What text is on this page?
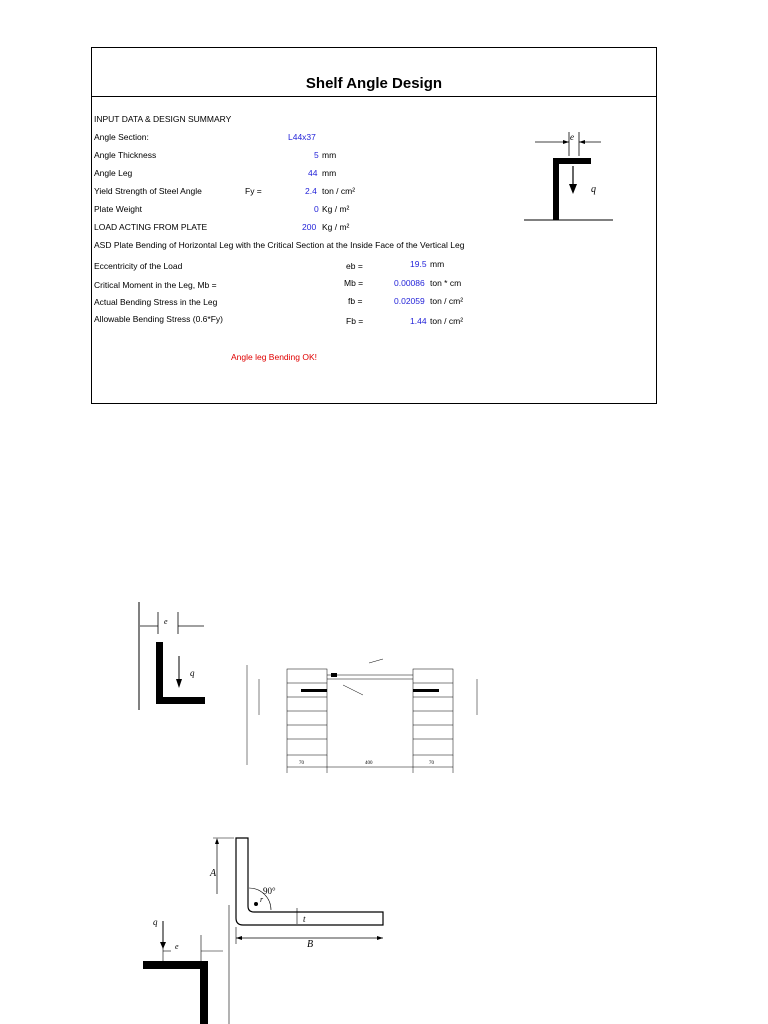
Shelf Angle Design
INPUT DATA & DESIGN SUMMARY
Angle Section:	L44x37
Angle Thickness	5 mm
Angle Leg	44 mm
Yield Strength of Steel Angle	Fy =	2.4 ton / cm²
Plate Weight	0 Kg / m²
LOAD ACTING FROM PLATE	200 Kg / m²
ASD Plate Bending of Horizontal Leg with the Critical Section at the Inside Face of the Vertical Leg
Eccentricity of the Load	eb =	19.5 mm
Critical Moment in the Leg, Mb =	Mb =	0.00086 ton * cm
Actual Bending Stress in the Leg	fb =	0.02059 ton / cm²
Allowable Bending Stress (0.6*Fy)	Fb =	1.44 ton / cm²
Angle leg Bending OK!
e
q
e
q
70	400	70
A
B
t
90°
r
q
e
